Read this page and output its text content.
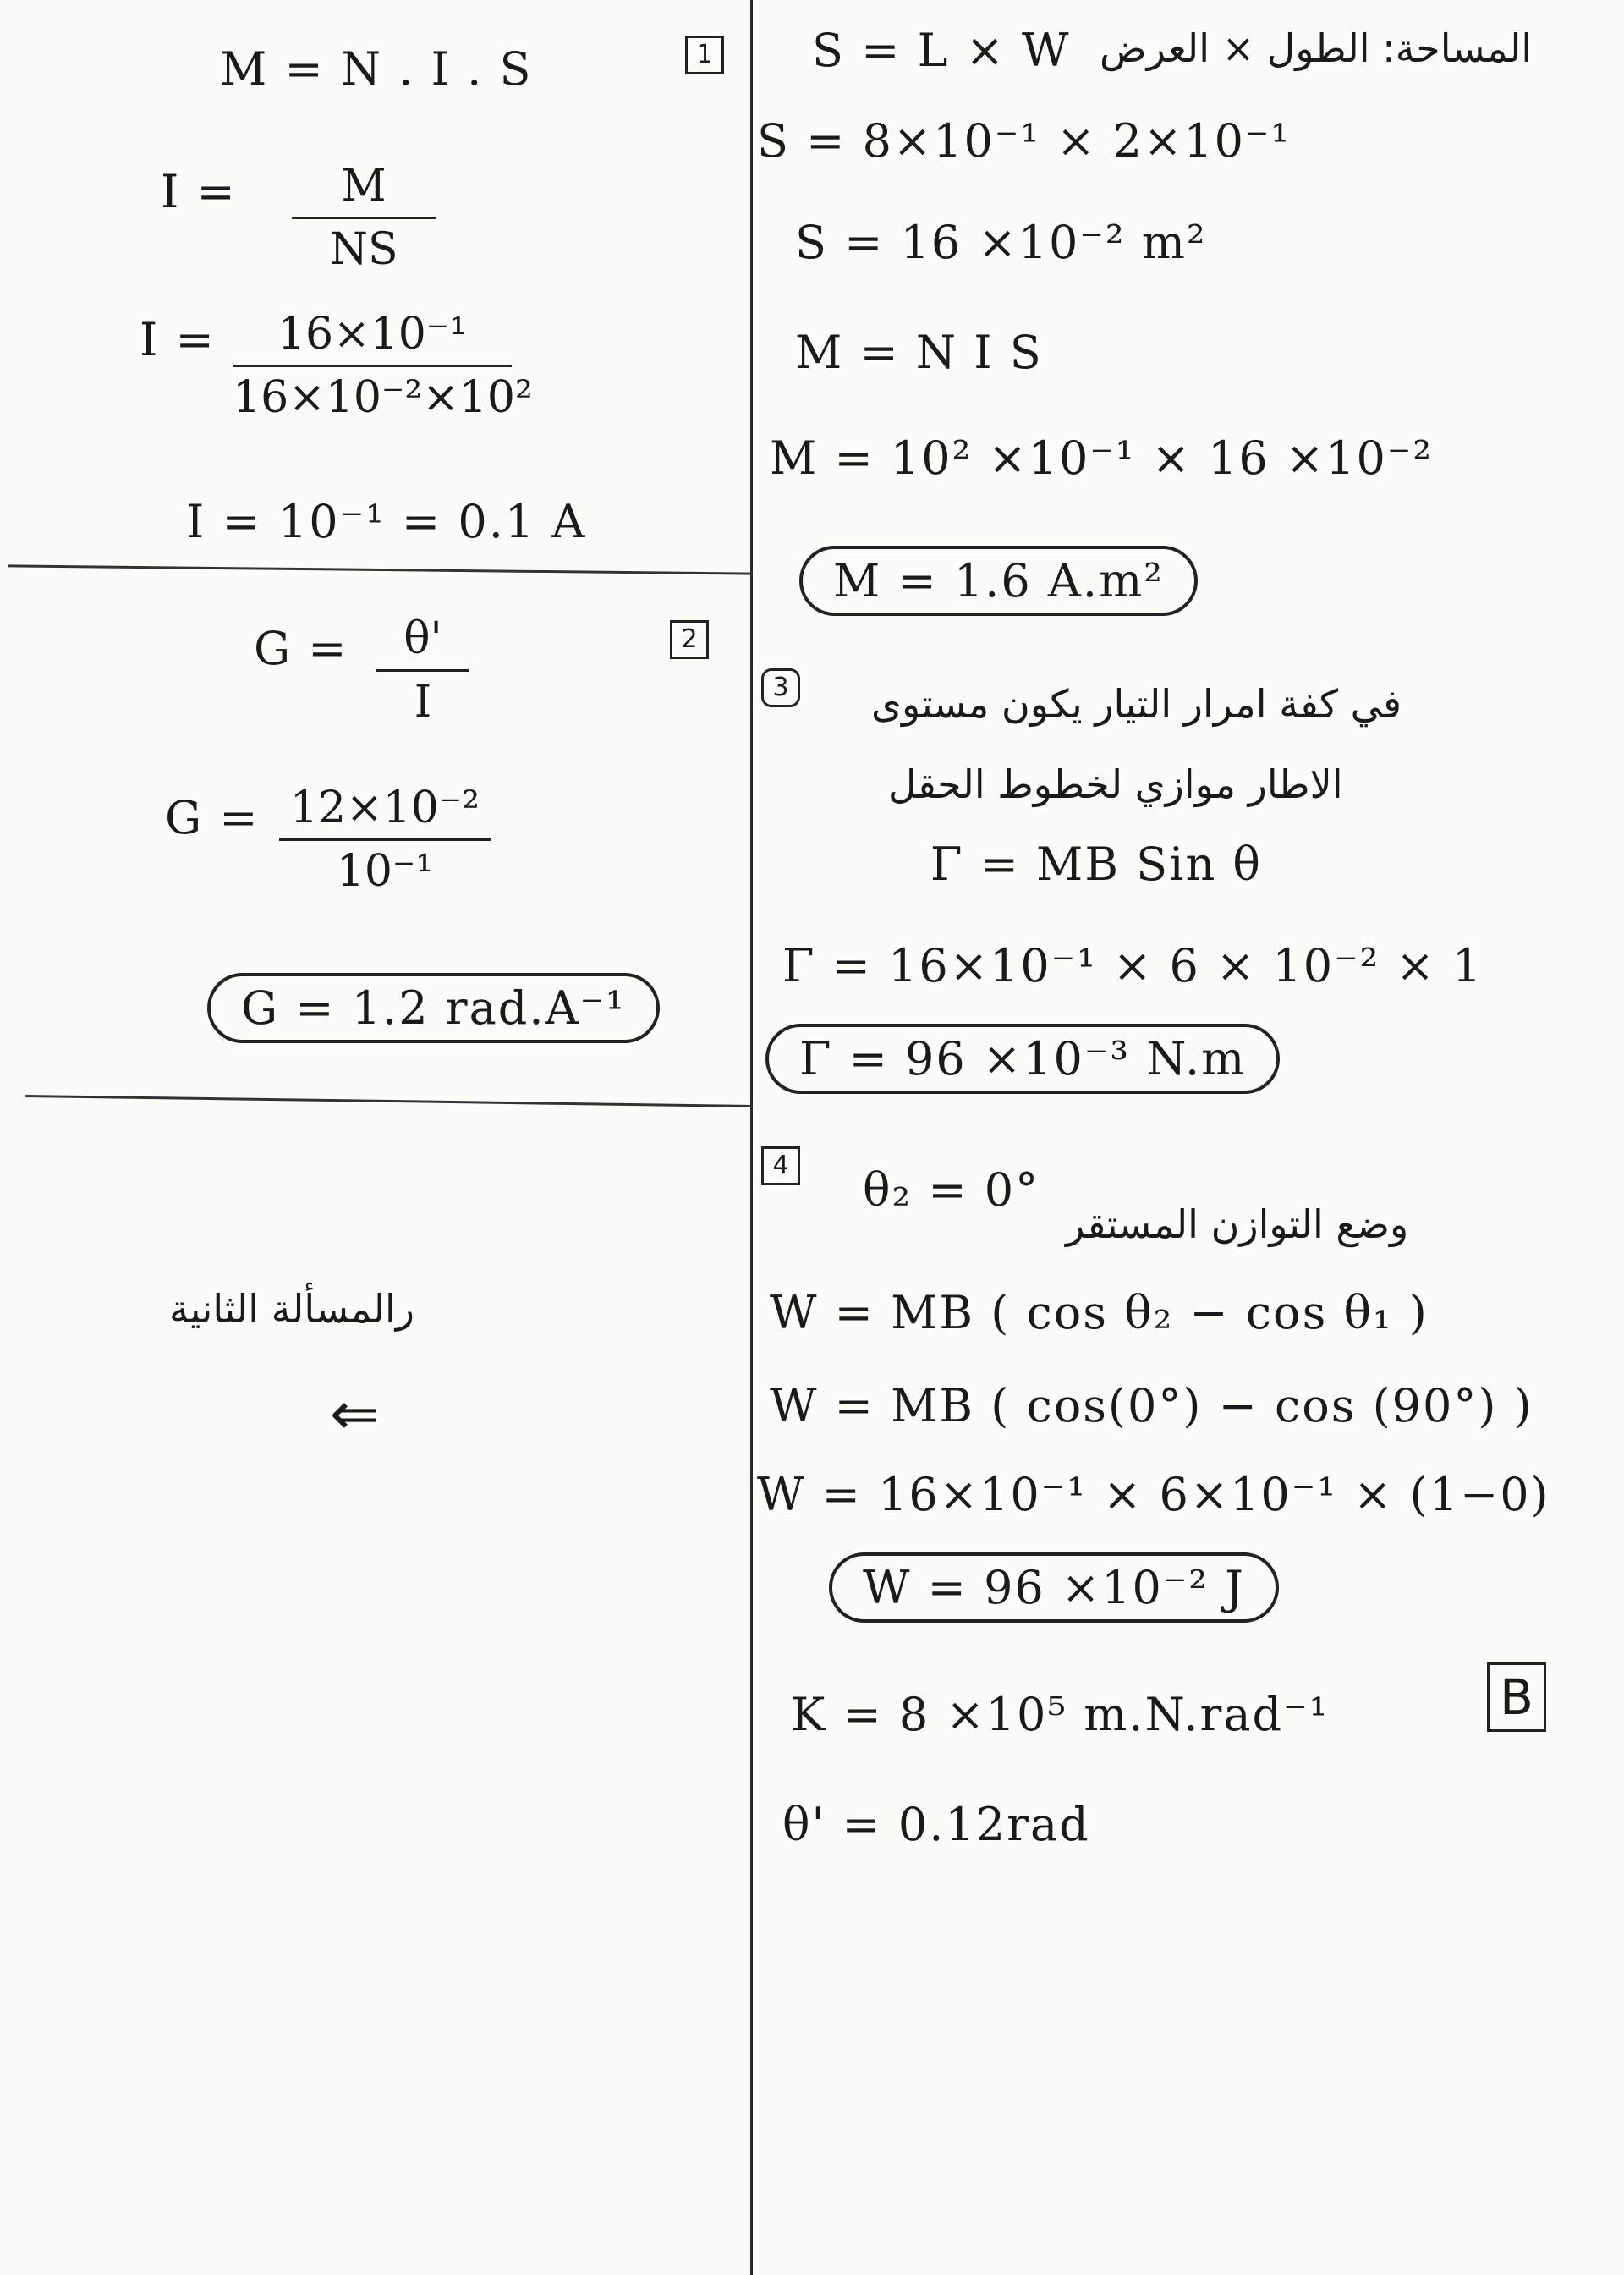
1
M = N . I . S
I =	M
NS
I =	16×10⁻¹
16×10⁻²×10²
I = 10⁻¹ = 0.1 A
2
G =	θ'
I
G = 12×10⁻²
10⁻¹
G = 1.2 rad.A⁻¹
رالمسألة الثانية
⇐
S = L × W المساحة: الطول × العرض
S = 8×10⁻¹ × 2×10⁻¹
S = 16 ×10⁻² m²
M = N I S
M = 10² ×10⁻¹ × 16 ×10⁻²
M = 1.6 A.m²
3 في كفة امرار التيار يكون مستوى
الاطار موازي لخطوط الحقل
Γ = MB Sin θ
Γ = 16×10⁻¹ × 6 × 10⁻² × 1
Γ = 96 ×10⁻³ N.m
4 θ₂ = 0°
وضع التوازن المستقر
W = MB ( cos θ₂ − cos θ₁ )
W = MB ( cos(0°) − cos (90°) )
W = 16×10⁻¹ × 6×10⁻¹ × (1−0)
W = 96 ×10⁻² J
B
K = 8 ×10⁵ m.N.rad⁻¹
θ' = 0.12rad
